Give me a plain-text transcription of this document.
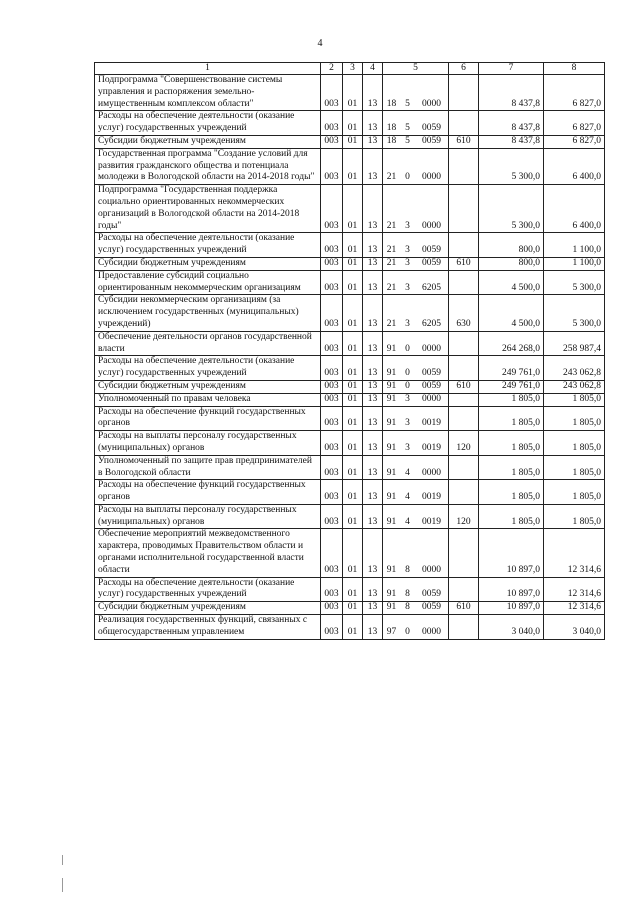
4
1	2	3	4	5			6	7	8
Подпрограмма "Совершенствование системы управления и распоряжения земельно-имущественным комплексом области"	003	01	13	18	5	0000		8 437,8	6 827,0
Расходы на обеспечение деятельности (оказание услуг) государственных учреждений	003	01	13	18	5	0059		8 437,8	6 827,0
Субсидии бюджетным учреждениям	003	01	13	18	5	0059	610	8 437,8	6 827,0
Государственная программа "Создание условий для развития гражданского общества и потенциала молодежи в Вологодской области на 2014-2018 годы"	003	01	13	21	0	0000		5 300,0	6 400,0
Подпрограмма "Государственная поддержка социально ориентированных некоммерческих организаций в Вологодской области на 2014-2018 годы"	003	01	13	21	3	0000		5 300,0	6 400,0
Расходы на обеспечение деятельности (оказание услуг) государственных учреждений	003	01	13	21	3	0059		800,0	1 100,0
Субсидии бюджетным учреждениям	003	01	13	21	3	0059	610	800,0	1 100,0
Предоставление субсидий социально ориентированным некоммерческим организациям	003	01	13	21	3	6205		4 500,0	5 300,0
Субсидии некоммерческим организациям (за исключением государственных (муниципальных) учреждений)	003	01	13	21	3	6205	630	4 500,0	5 300,0
Обеспечение деятельности органов государственной власти	003	01	13	91	0	0000		264 268,0	258 987,4
Расходы на обеспечение деятельности (оказание услуг) государственных учреждений	003	01	13	91	0	0059		249 761,0	243 062,8
Субсидии бюджетным учреждениям	003	01	13	91	0	0059	610	249 761,0	243 062,8
Уполномоченный по правам человека	003	01	13	91	3	0000		1 805,0	1 805,0
Расходы на обеспечение функций государственных органов	003	01	13	91	3	0019		1 805,0	1 805,0
Расходы на выплаты персоналу государственных (муниципальных) органов	003	01	13	91	3	0019	120	1 805,0	1 805,0
Уполномоченный по защите прав предпринимателей в Вологодской области	003	01	13	91	4	0000		1 805,0	1 805,0
Расходы на обеспечение функций государственных органов	003	01	13	91	4	0019		1 805,0	1 805,0
Расходы на выплаты персоналу государственных (муниципальных) органов	003	01	13	91	4	0019	120	1 805,0	1 805,0
Обеспечение мероприятий межведомственного характера, проводимых Правительством области и органами исполнительной государственной власти области	003	01	13	91	8	0000		10 897,0	12 314,6
Расходы на обеспечение деятельности (оказание услуг) государственных учреждений	003	01	13	91	8	0059		10 897,0	12 314,6
Субсидии бюджетным учреждениям	003	01	13	91	8	0059	610	10 897,0	12 314,6
Реализация государственных функций, связанных с общегосударственным управлением	003	01	13	97	0	0000		3 040,0	3 040,0
